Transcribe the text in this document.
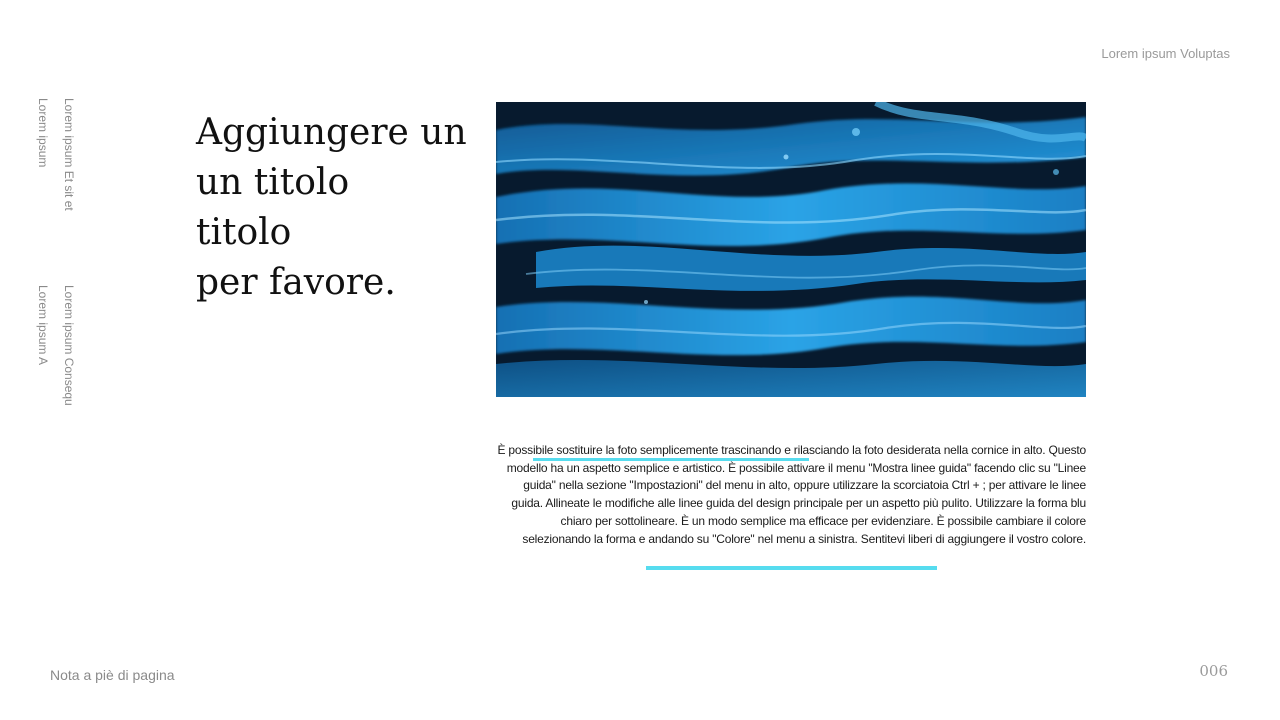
Lorem ipsum Voluptas
Lorem ipsum Et sit et
Lorem ipsum
Lorem ipsum Consequ
Lorem ipsum A
Aggiungere un
un titolo
titolo
per favore.

È possibile sostituire la foto semplicemente trascinando e rilasciando la foto desiderata nella cornice in alto. Questo modello ha un aspetto semplice e artistico. È possibile attivare il menu "Mostra linee guida" facendo clic su "Linee guida" nella sezione "Impostazioni" del menu in alto, oppure utilizzare la scorciatoia Ctrl + ; per attivare le linee guida. Allineate le modifiche alle linee guida del design principale per un aspetto più pulito. Utilizzare la forma blu chiaro per sottolineare. È un modo semplice ma efficace per evidenziare. È possibile cambiare il colore selezionando la forma e andando su "Colore" nel menu a sinistra. Sentitevi liberi di aggiungere il vostro colore.

Nota a piè di pagina	006
